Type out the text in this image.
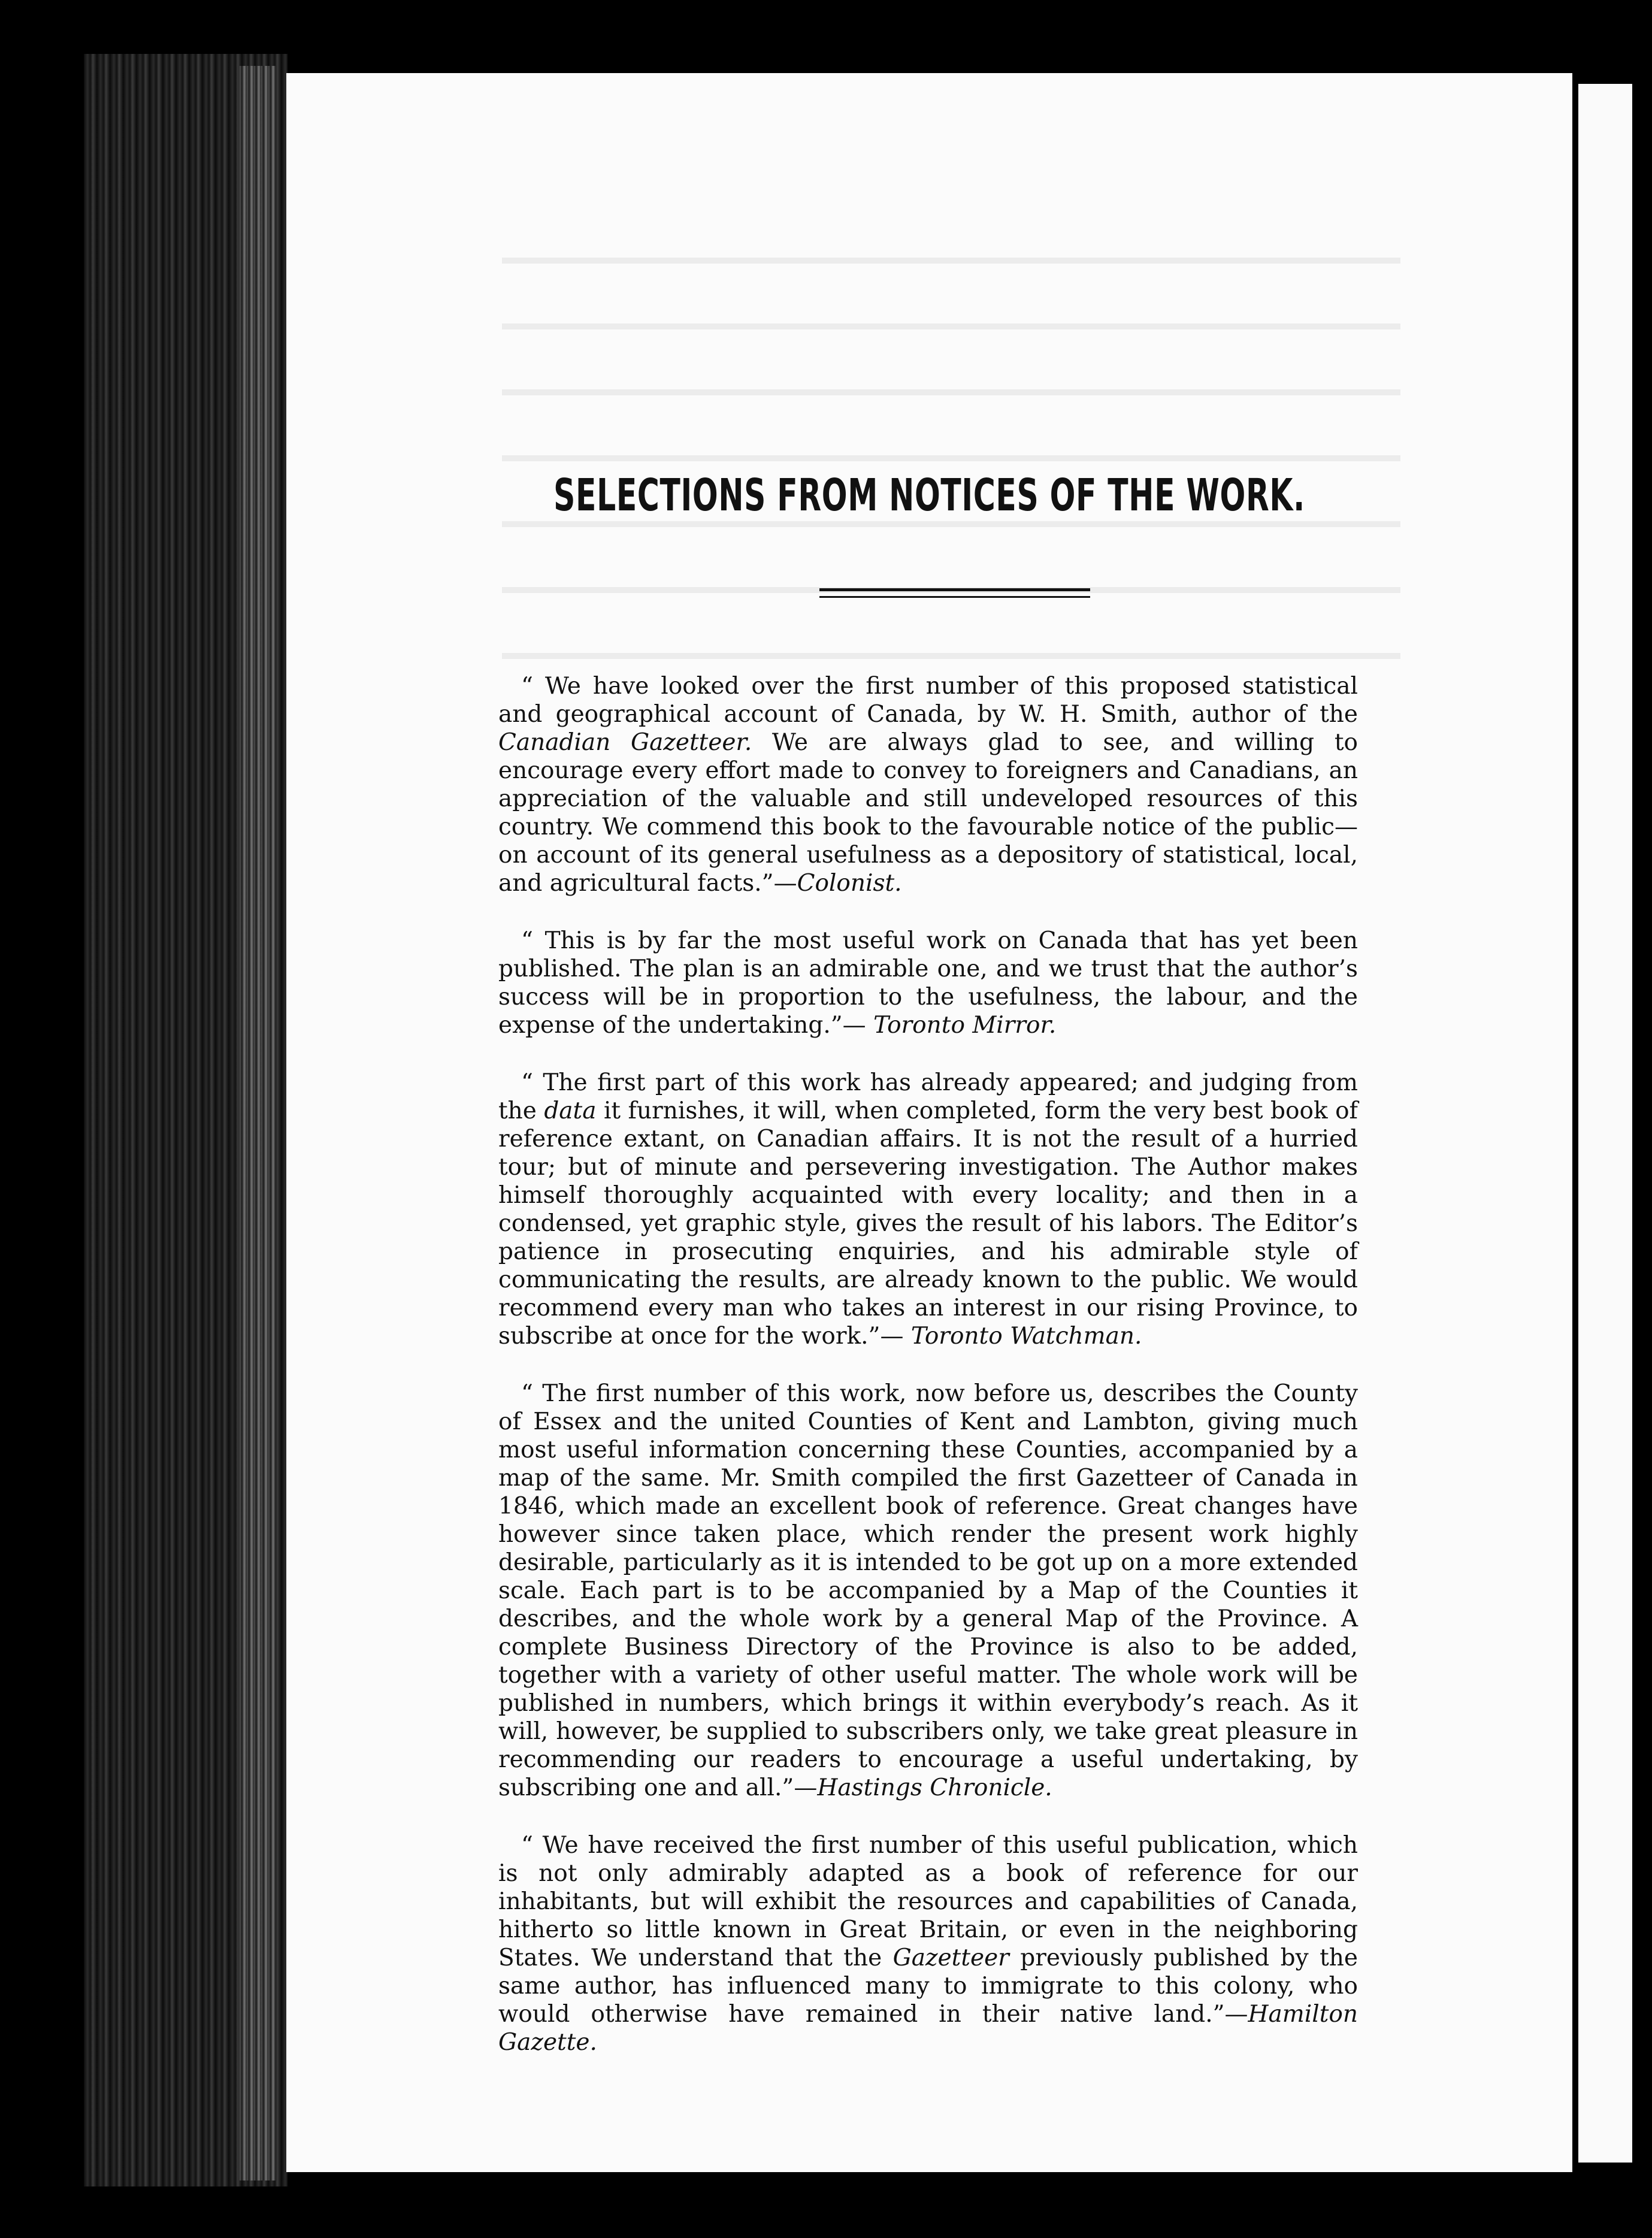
SELECTIONS FROM NOTICES OF THE WORK.

“ We have looked over the first number of this proposed statistical and geographical account of Canada, by W. H. Smith, author of the Canadian Gazetteer. We are always glad to see, and willing to encourage every effort made to convey to foreigners and Canadians, an appreciation of the valuable and still undeveloped resources of this country. We commend this book to the favourable notice of the public—on account of its general usefulness as a depository of statistical, local, and agricultural facts.”—Colonist.

“ This is by far the most useful work on Canada that has yet been published. The plan is an admirable one, and we trust that the author’s success will be in proportion to the usefulness, the labour, and the expense of the undertaking.”— Toronto Mirror.

“ The first part of this work has already appeared; and judging from the data it furnishes, it will, when completed, form the very best book of reference extant, on Canadian affairs. It is not the result of a hurried tour; but of minute and persevering investigation. The Author makes himself thoroughly acquainted with every locality; and then in a condensed, yet graphic style, gives the result of his labors. The Editor’s patience in prosecuting enquiries, and his admirable style of communicating the results, are already known to the public. We would recommend every man who takes an interest in our rising Province, to subscribe at once for the work.”— Toronto Watchman.

“ The first number of this work, now before us, describes the County of Essex and the united Counties of Kent and Lambton, giving much most useful information concerning these Counties, accompanied by a map of the same. Mr. Smith compiled the first Gazetteer of Canada in 1846, which made an excellent book of reference. Great changes have however since taken place, which render the present work highly desirable, particularly as it is intended to be got up on a more extended scale. Each part is to be accompanied by a Map of the Counties it describes, and the whole work by a general Map of the Province. A complete Business Directory of the Province is also to be added, together with a variety of other useful matter. The whole work will be published in numbers, which brings it within everybody’s reach. As it will, however, be supplied to subscribers only, we take great pleasure in recommending our readers to encourage a useful undertaking, by subscribing one and all.”—Hastings Chronicle.

“ We have received the first number of this useful publication, which is not only admirably adapted as a book of reference for our inhabitants, but will exhibit the resources and capabilities of Canada, hitherto so little known in Great Britain, or even in the neighboring States. We understand that the Gazetteer previously published by the same author, has influenced many to immigrate to this colony, who would otherwise have remained in their native land.”—Hamilton Gazette.
